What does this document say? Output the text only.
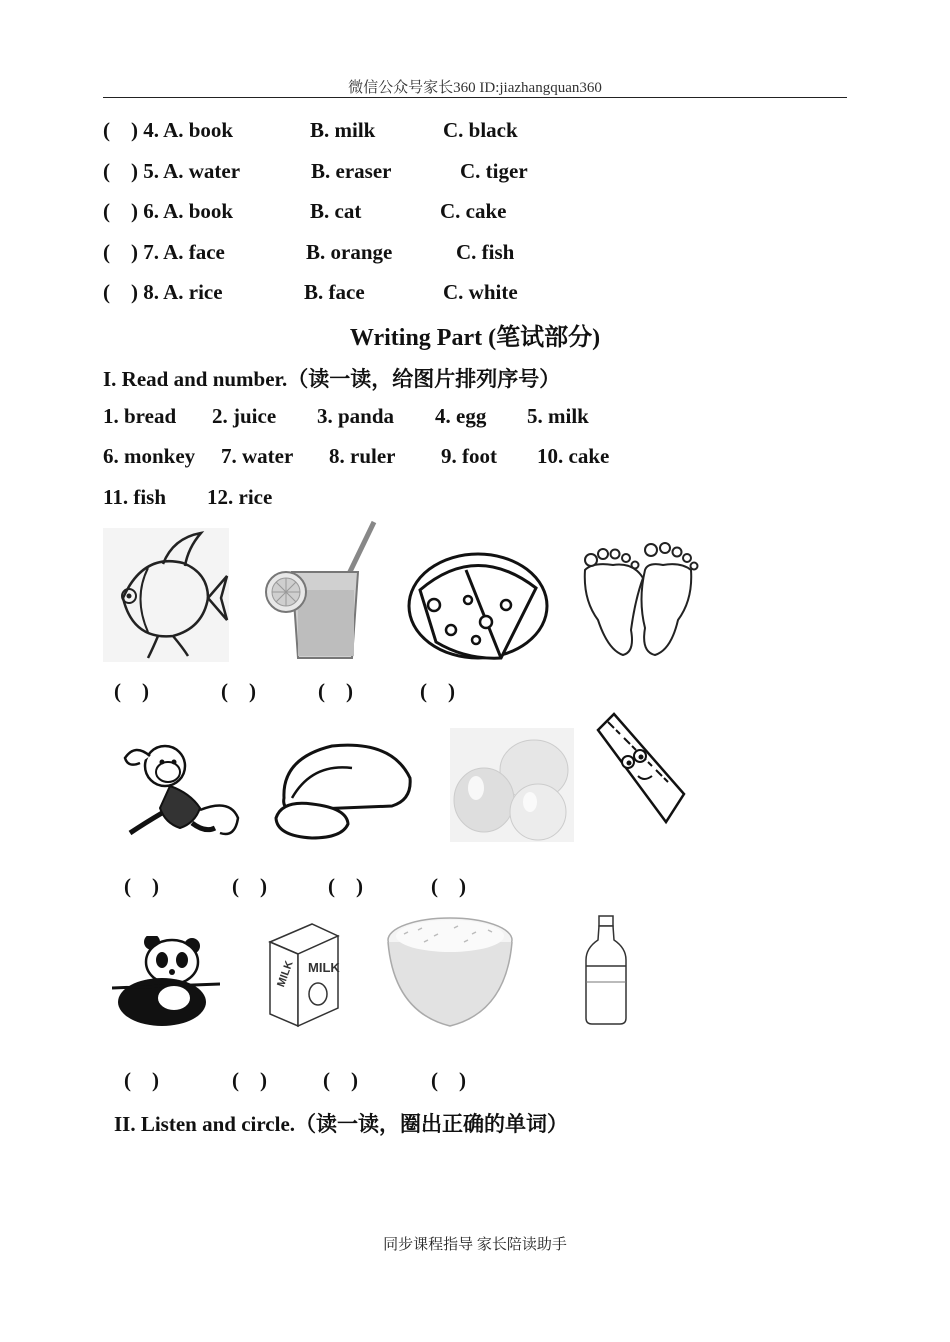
微信公众号家长360 ID:jiazhangquan360
(    ) 4. A. book	B. milk	C. black
(    ) 5. A. water	B. eraser	C. tiger
(    ) 6. A. book	B. cat	C. cake
(    ) 7. A. face	B. orange	C. fish
(    ) 8. A. rice	B. face	C. white
Writing Part (笔试部分)
I. Read and number.（读一读，给图片排列序号）
1. bread 2. juice 3. panda 4. egg 5. milk
6. monkey 7. water 8. ruler 9. foot 10. cake
11. fish 12. rice
(    )	(    )	(    )	(    )
(    )	(    )	(    )	(    )
MILK MILK
(    )	(    )	(    )	(    )
II. Listen and circle.（读一读，圈出正确的单词）
同步课程指导 家长陪读助手
